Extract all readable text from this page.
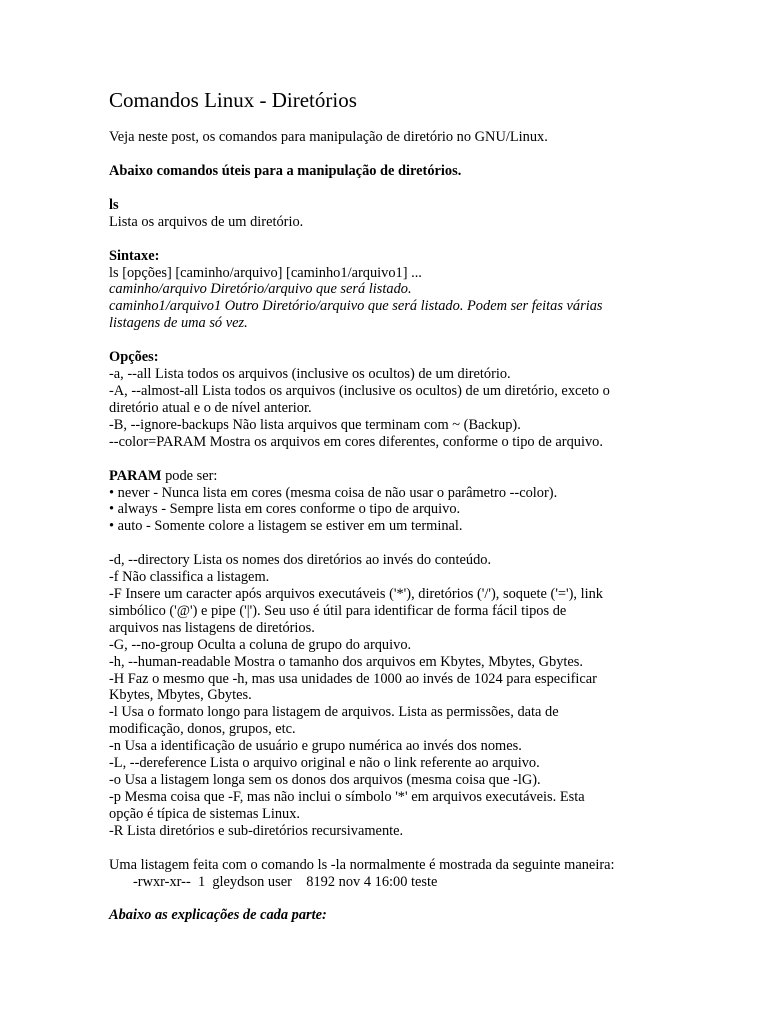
Comandos Linux - Diretórios
Veja neste post, os comandos para manipulação de diretório no GNU/Linux.
Abaixo comandos úteis para a manipulação de diretórios.
ls
Lista os arquivos de um diretório.
Sintaxe:
ls [opções] [caminho/arquivo] [caminho1/arquivo1] ...
caminho/arquivo Diretório/arquivo que será listado.
caminho1/arquivo1 Outro Diretório/arquivo que será listado. Podem ser feitas várias
listagens de uma só vez.
Opções:
-a, --all Lista todos os arquivos (inclusive os ocultos) de um diretório.
-A, --almost-all Lista todos os arquivos (inclusive os ocultos) de um diretório, exceto o
diretório atual e o de nível anterior.
-B, --ignore-backups Não lista arquivos que terminam com ~ (Backup).
--color=PARAM Mostra os arquivos em cores diferentes, conforme o tipo de arquivo.
PARAM pode ser:
• never - Nunca lista em cores (mesma coisa de não usar o parâmetro --color).
• always - Sempre lista em cores conforme o tipo de arquivo.
• auto - Somente colore a listagem se estiver em um terminal.
-d, --directory Lista os nomes dos diretórios ao invés do conteúdo.
-f Não classifica a listagem.
-F Insere um caracter após arquivos executáveis ('*'), diretórios ('/'), soquete ('='), link
simbólico ('@') e pipe ('|'). Seu uso é útil para identificar de forma fácil tipos de
arquivos nas listagens de diretórios.
-G, --no-group Oculta a coluna de grupo do arquivo.
-h, --human-readable Mostra o tamanho dos arquivos em Kbytes, Mbytes, Gbytes.
-H Faz o mesmo que -h, mas usa unidades de 1000 ao invés de 1024 para especificar
Kbytes, Mbytes, Gbytes.
-l Usa o formato longo para listagem de arquivos. Lista as permissões, data de
modificação, donos, grupos, etc.
-n Usa a identificação de usuário e grupo numérica ao invés dos nomes.
-L, --dereference Lista o arquivo original e não o link referente ao arquivo.
-o Usa a listagem longa sem os donos dos arquivos (mesma coisa que -lG).
-p Mesma coisa que -F, mas não inclui o símbolo '*' em arquivos executáveis. Esta
opção é típica de sistemas Linux.
-R Lista diretórios e sub-diretórios recursivamente.
Uma listagem feita com o comando ls -la normalmente é mostrada da seguinte maneira:
-rwxr-xr--  1  gleydson user    8192 nov 4 16:00 teste
Abaixo as explicações de cada parte:
